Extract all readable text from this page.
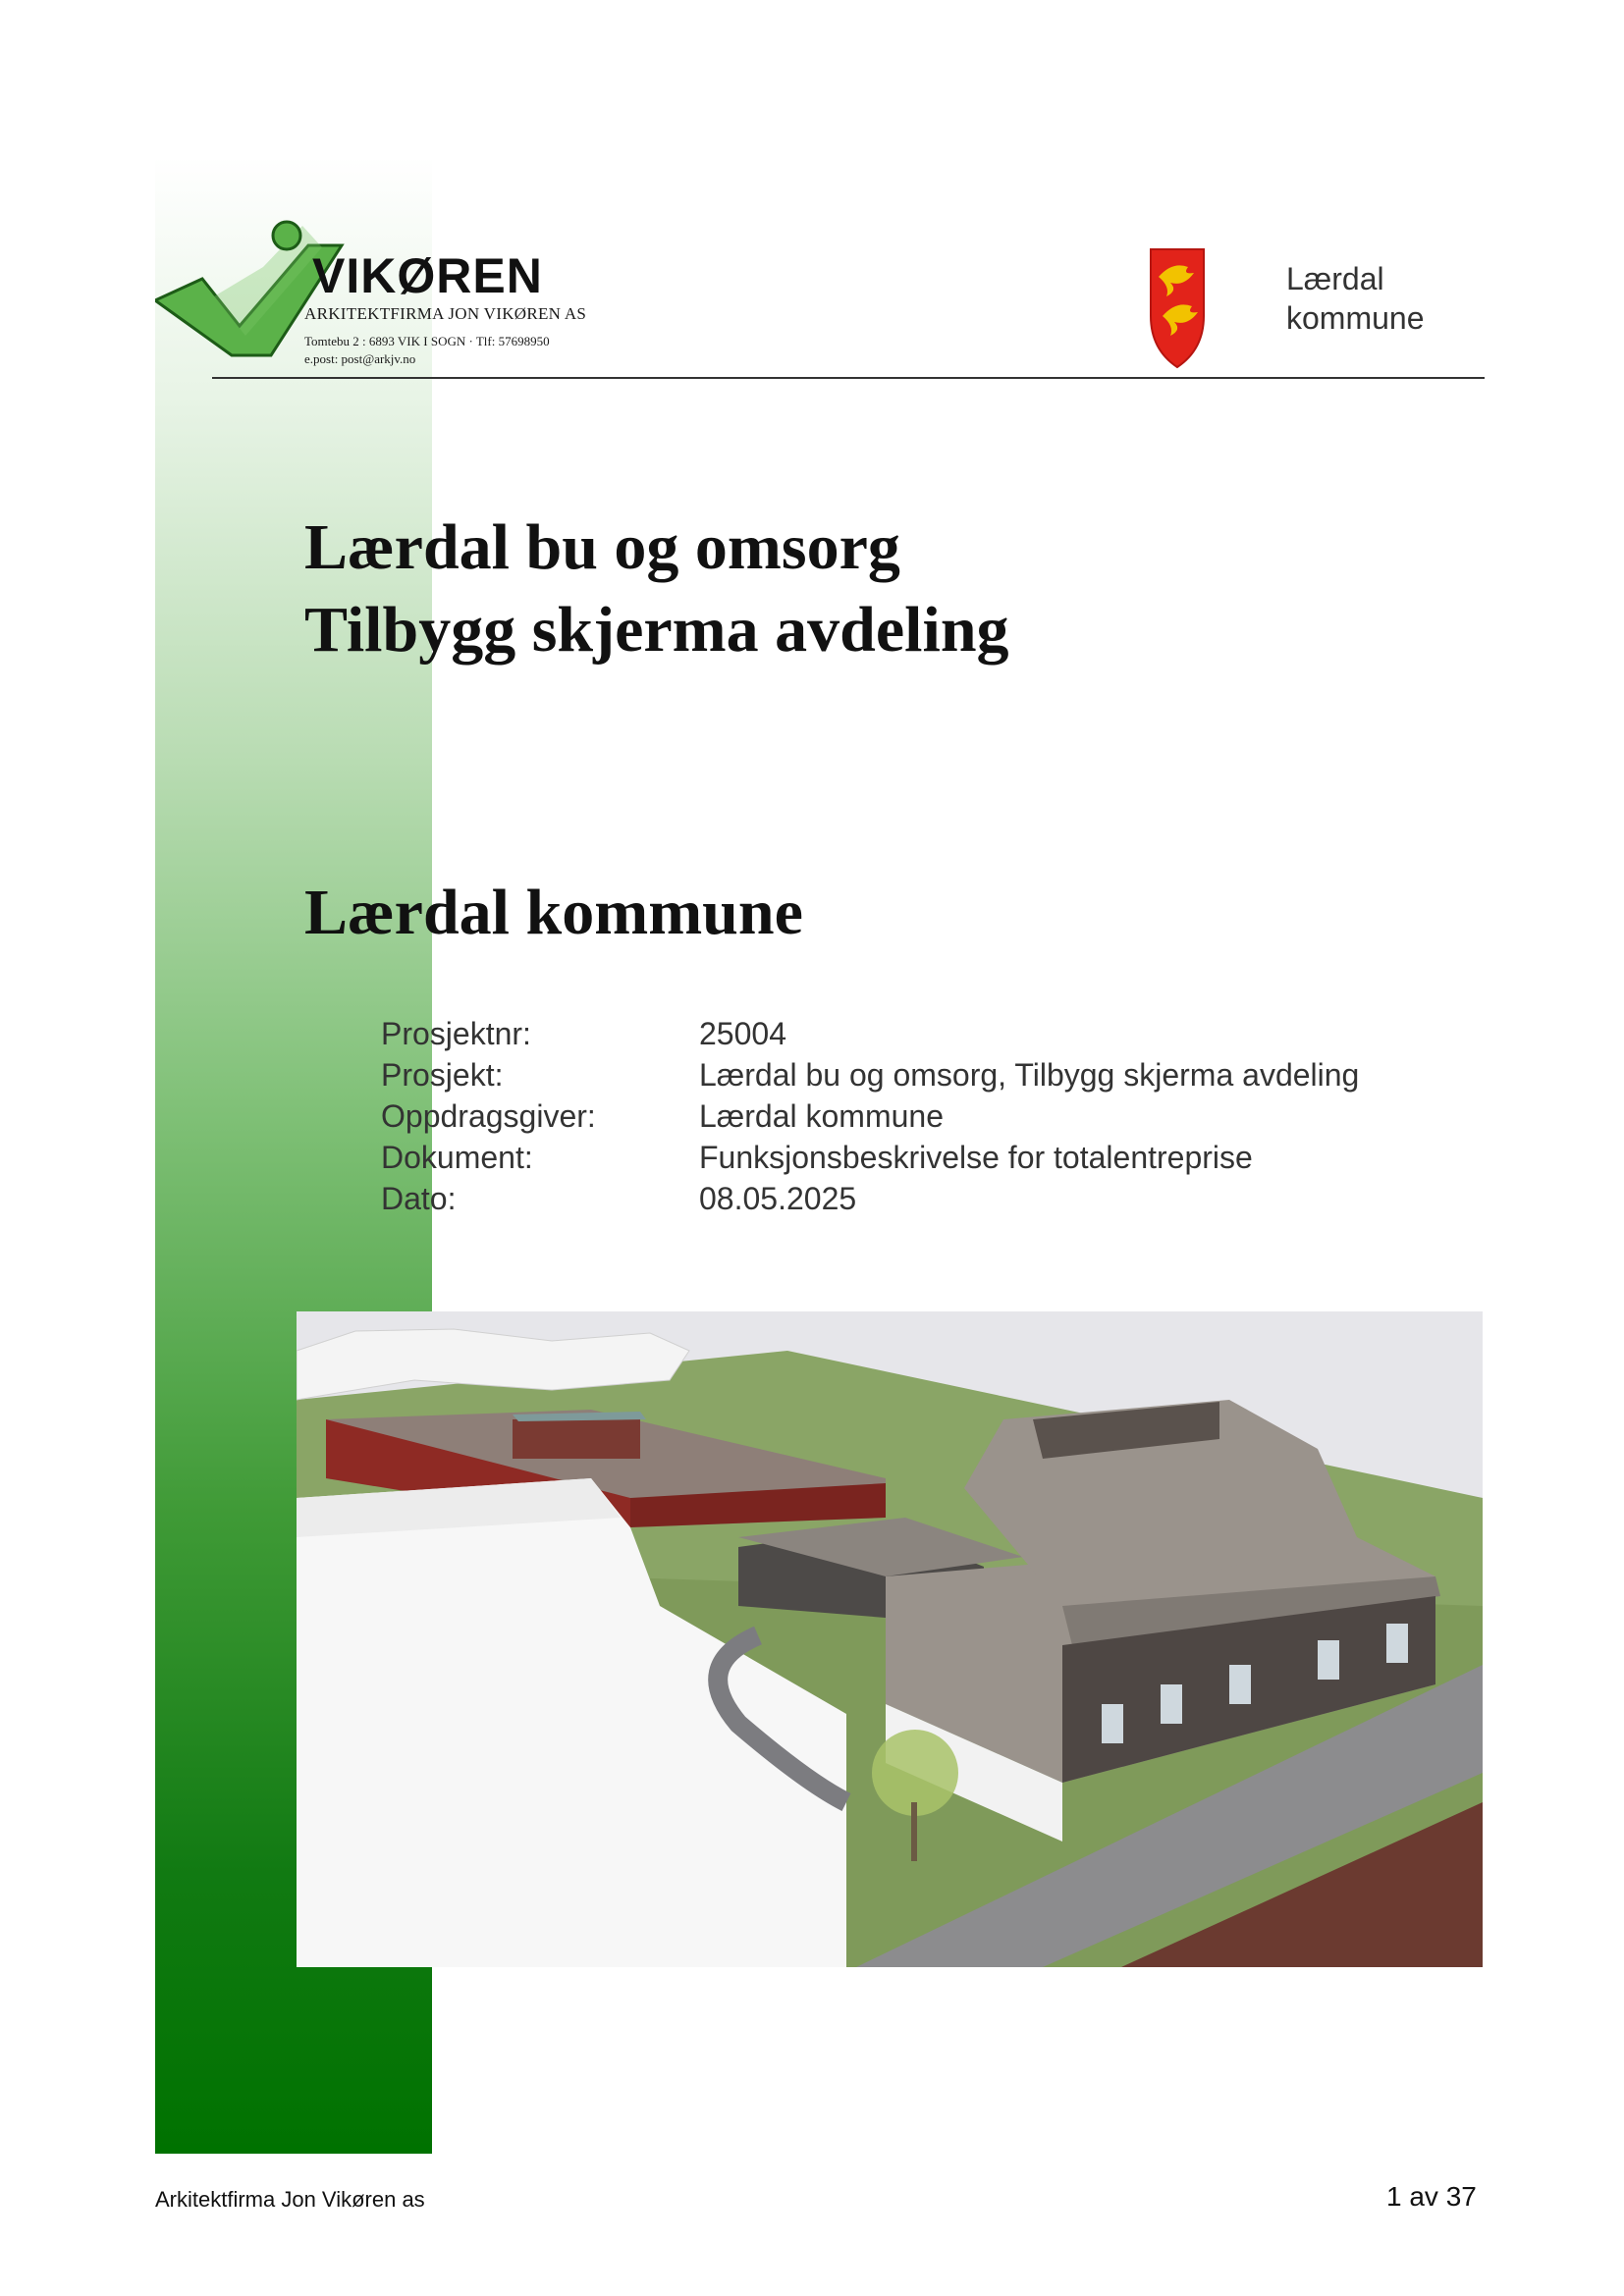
VIKØREN
ARKITEKTFIRMA JON VIKØREN AS
Tomtebu 2 : 6893 VIK I SOGN · Tlf: 57698950
e.post: post@arkjv.no
Lærdal
kommune
Lærdal bu og omsorg
Tilbygg skjerma avdeling
Lærdal kommune
Prosjektnr:	25004
Prosjekt:	Lærdal bu og omsorg, Tilbygg skjerma avdeling
Oppdragsgiver:	Lærdal kommune
Dokument:	Funksjonsbeskrivelse for totalentreprise
Dato:	08.05.2025
Arkitektfirma Jon Vikøren as	1 av 37
